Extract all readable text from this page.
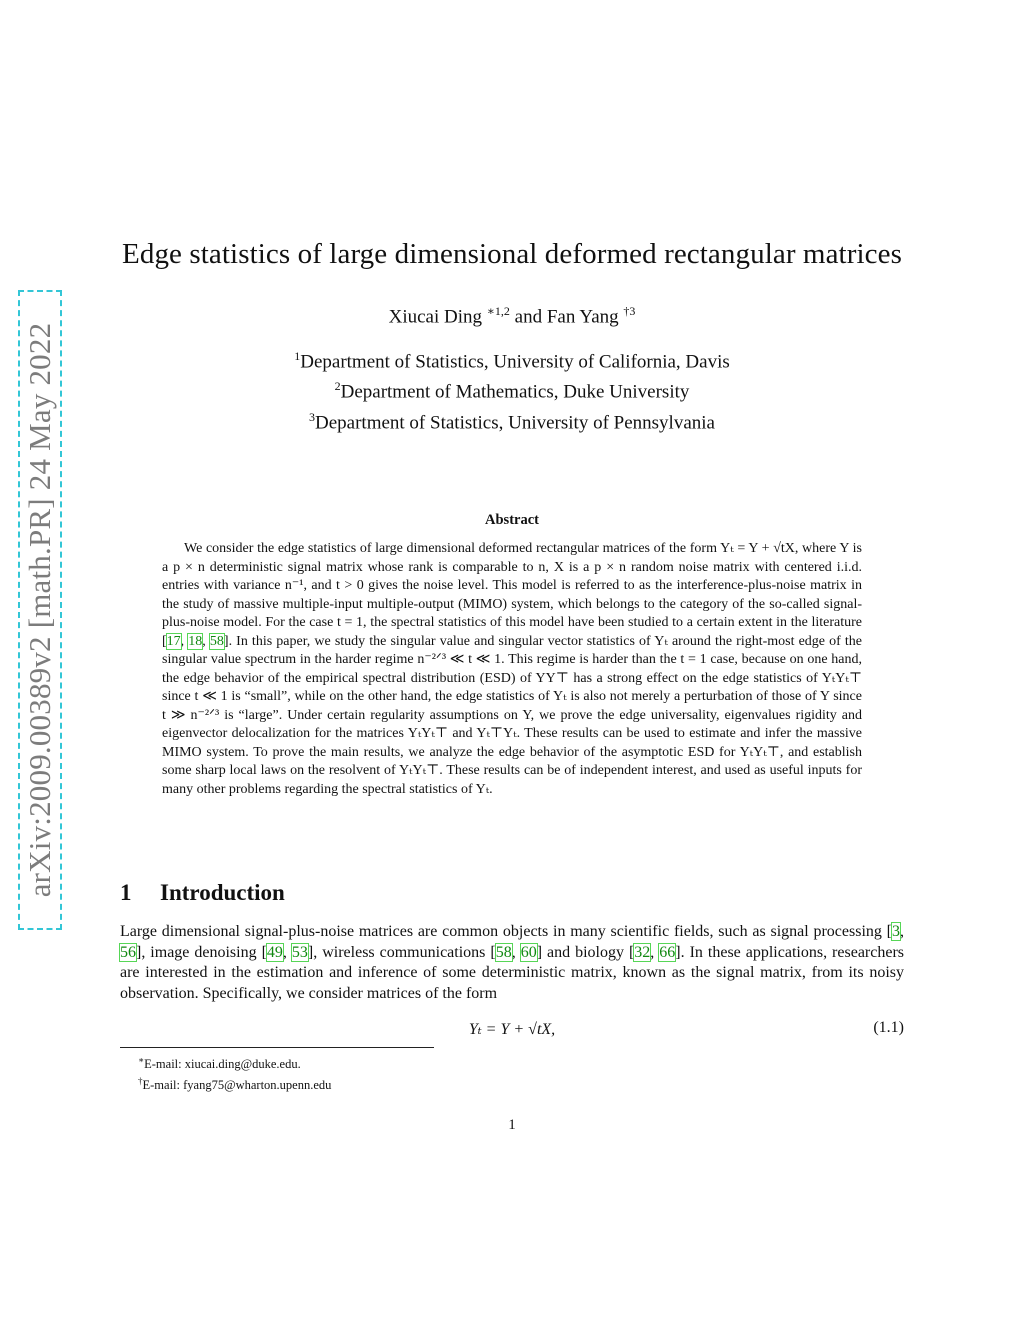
arXiv:2009.00389v2 [math.PR] 24 May 2022
Edge statistics of large dimensional deformed rectangular matrices
Xiucai Ding $^{∗1,2}$ and Fan Yang $^{\dagger 3}$
$^1$Department of Statistics, University of California, Davis
$^2$Department of Mathematics, Duke University
$^3$Department of Statistics, University of Pennsylvania
Abstract

We consider the edge statistics of large dimensional deformed rectangular matrices of the form Yₜ = Y + √tX, where Y is a p × n deterministic signal matrix whose rank is comparable to n, X is a p × n random noise matrix with centered i.i.d. entries with variance n⁻¹, and t > 0 gives the noise level. This model is referred to as the interference-plus-noise matrix in the study of massive multiple-input multiple-output (MIMO) system, which belongs to the category of the so-called signal-plus-noise model. For the case t = 1, the spectral statistics of this model have been studied to a certain extent in the literature [17, 18, 58]. In this paper, we study the singular value and singular vector statistics of Yₜ around the right-most edge of the singular value spectrum in the harder regime n⁻²ᐟ³ ≪ t ≪ 1. This regime is harder than the t = 1 case, because on one hand, the edge behavior of the empirical spectral distribution (ESD) of YY⊤ has a strong effect on the edge statistics of YₜYₜ⊤ since t ≪ 1 is “small”, while on the other hand, the edge statistics of Yₜ is also not merely a perturbation of those of Y since t ≫ n⁻²ᐟ³ is “large”. Under certain regularity assumptions on Y, we prove the edge universality, eigenvalues rigidity and eigenvector delocalization for the matrices YₜYₜ⊤ and Yₜ⊤Yₜ. These results can be used to estimate and infer the massive MIMO system. To prove the main results, we analyze the edge behavior of the asymptotic ESD for YₜYₜ⊤, and establish some sharp local laws on the resolvent of YₜYₜ⊤. These results can be of independent interest, and used as useful inputs for many other problems regarding the spectral statistics of Yₜ.

1 Introduction

Large dimensional signal-plus-noise matrices are common objects in many scientific fields, such as signal processing [3, 56], image denoising [49, 53], wireless communications [58, 60] and biology [32, 66]. In these applications, researchers are interested in the estimation and inference of some deterministic matrix, known as the signal matrix, from its noisy observation. Specifically, we consider matrices of the form

Yₜ = Y + √tX,	(1.1)
∗E-mail: xiucai.ding@duke.edu.
†E-mail: fyang75@wharton.upenn.edu
1
